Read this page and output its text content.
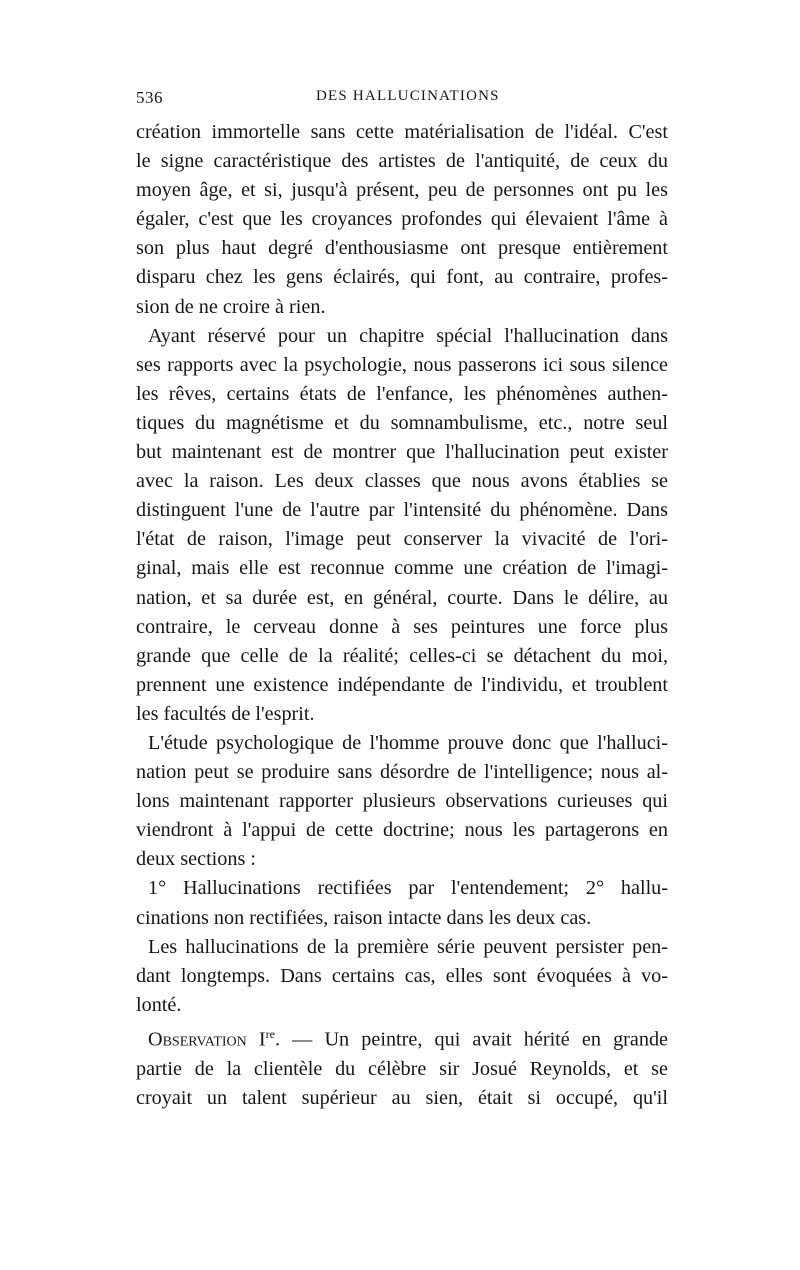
536	DES HALLUCINATIONS
création immortelle sans cette matérialisation de l'idéal. C'est
le signe caractéristique des artistes de l'antiquité, de ceux du
moyen âge, et si, jusqu'à présent, peu de personnes ont pu les
égaler, c'est que les croyances profondes qui élevaient l'âme à
son plus haut degré d'enthousiasme ont presque entièrement
disparu chez les gens éclairés, qui font, au contraire, profes-
sion de ne croire à rien.
Ayant réservé pour un chapitre spécial l'hallucination dans
ses rapports avec la psychologie, nous passerons ici sous silence
les rêves, certains états de l'enfance, les phénomènes authen-
tiques du magnétisme et du somnambulisme, etc., notre seul
but maintenant est de montrer que l'hallucination peut exister
avec la raison. Les deux classes que nous avons établies se
distinguent l'une de l'autre par l'intensité du phénomène. Dans
l'état de raison, l'image peut conserver la vivacité de l'ori-
ginal, mais elle est reconnue comme une création de l'imagi-
nation, et sa durée est, en général, courte. Dans le délire, au
contraire, le cerveau donne à ses peintures une force plus
grande que celle de la réalité; celles-ci se détachent du moi,
prennent une existence indépendante de l'individu, et troublent
les facultés de l'esprit.
L'étude psychologique de l'homme prouve donc que l'halluci-
nation peut se produire sans désordre de l'intelligence; nous al-
lons maintenant rapporter plusieurs observations curieuses qui
viendront à l'appui de cette doctrine; nous les partagerons en
deux sections :
1° Hallucinations rectifiées par l'entendement; 2° hallu-
cinations non rectifiées, raison intacte dans les deux cas.
Les hallucinations de la première série peuvent persister pen-
dant longtemps. Dans certains cas, elles sont évoquées à vo-
lonté.
Observation Ire. — Un peintre, qui avait hérité en grande
partie de la clientèle du célèbre sir Josué Reynolds, et se
croyait un talent supérieur au sien, était si occupé, qu'il
